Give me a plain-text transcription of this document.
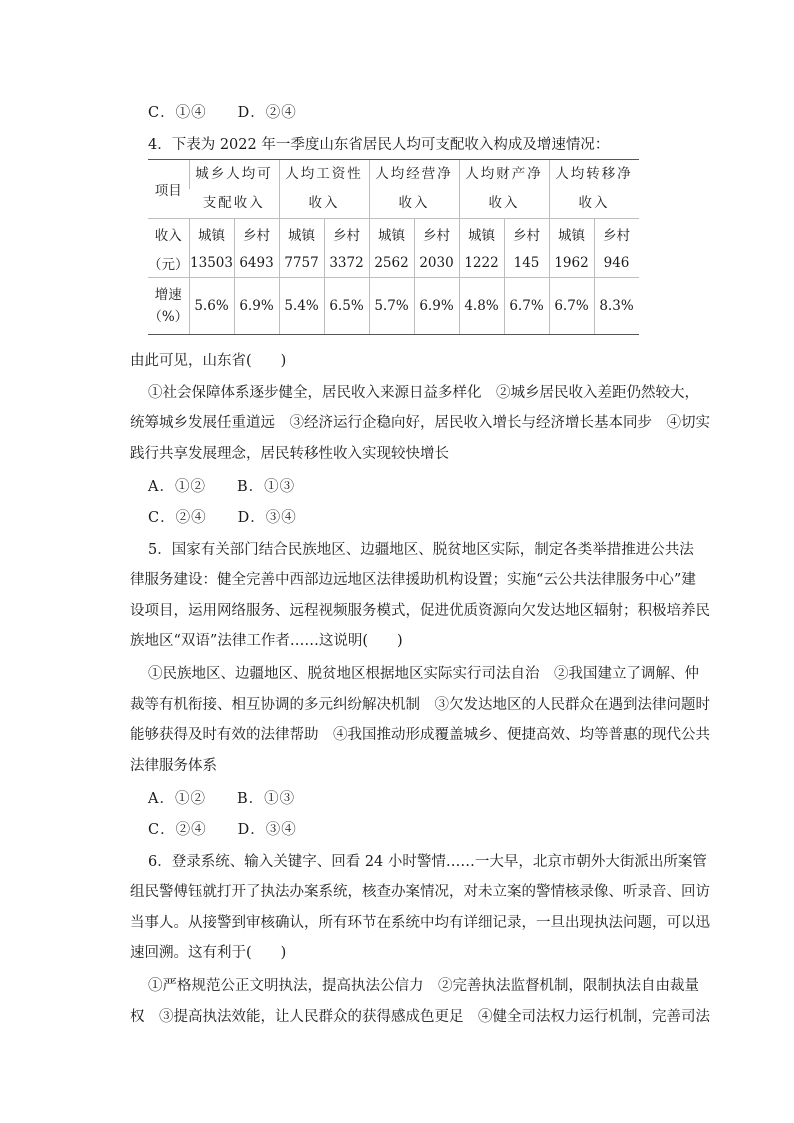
C．①④　　 D．②④
4．下表为 2022 年一季度山东省居民人均可支配收入构成及增速情况：
项目	城乡人均可		人均工资性		人均经营净		人均财产净		人均转移净	
	支配收入		收入		收入		收入		收入	
收入	城镇	乡村	城镇	乡村	城镇	乡村	城镇	乡村	城镇	乡村
（元）	13503	6493	7757	3372	2562	2030	1222	145	1962	946
增速
（%）	5.6%	6.9%	5.4%	6.5%	5.7%	6.9%	4.8%	6.7%	6.7%	8.3%
由此可见，山东省(　　)
①社会保障体系逐步健全，居民收入来源日益多样化　②城乡居民收入差距仍然较大，
统筹城乡发展任重道远　③经济运行企稳向好，居民收入增长与经济增长基本同步　④切实
践行共享发展理念，居民转移性收入实现较快增长
A．①②　　 B．①③
C．②④　　 D．③④
5．国家有关部门结合民族地区、边疆地区、脱贫地区实际，制定各类举措推进公共法
律服务建设：健全完善中西部边远地区法律援助机构设置；实施“云公共法律服务中心”建
设项目，运用网络服务、远程视频服务模式，促进优质资源向欠发达地区辐射；积极培养民
族地区“双语”法律工作者……这说明(　　)
①民族地区、边疆地区、脱贫地区根据地区实际实行司法自治　②我国建立了调解、仲
裁等有机衔接、相互协调的多元纠纷解决机制　③欠发达地区的人民群众在遇到法律问题时
能够获得及时有效的法律帮助　④我国推动形成覆盖城乡、便捷高效、均等普惠的现代公共
法律服务体系
A．①②　　 B．①③
C．②④　　 D．③④
6．登录系统、输入关键字、回看 24 小时警情……一大早，北京市朝外大街派出所案管
组民警傅钰就打开了执法办案系统，核查办案情况，对未立案的警情核录像、听录音、回访
当事人。从接警到审核确认，所有环节在系统中均有详细记录，一旦出现执法问题，可以迅
速回溯。这有利于(　　)
①严格规范公正文明执法，提高执法公信力　②完善执法监督机制，限制执法自由裁量
权　③提高执法效能，让人民群众的获得感成色更足　④健全司法权力运行机制，完善司法
